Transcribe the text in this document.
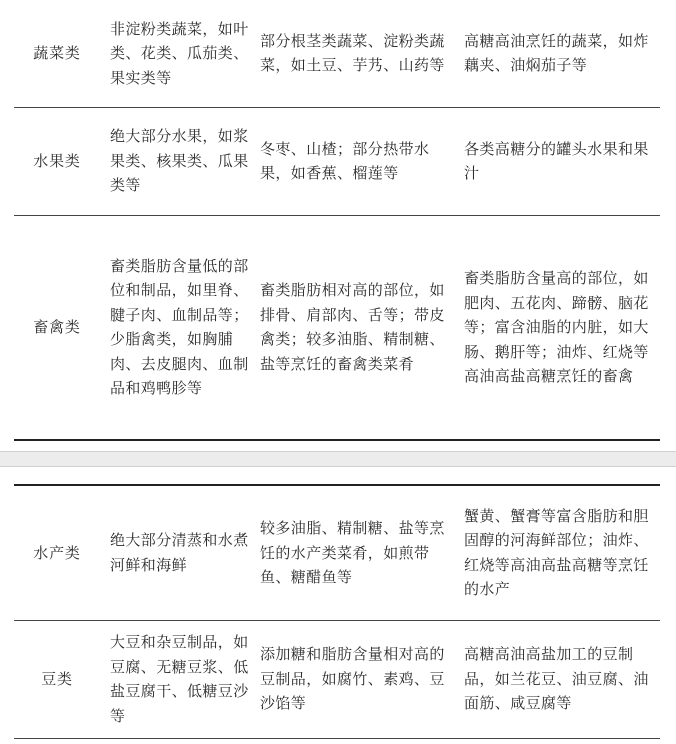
蔬菜类	非淀粉类蔬菜，如叶类、花类、瓜茄类、果实类等	部分根茎类蔬菜、淀粉类蔬菜，如土豆、芋艿、山药等	高糖高油烹饪的蔬菜，如炸藕夹、油焖茄子等
水果类	绝大部分水果，如浆果类、核果类、瓜果类等	冬枣、山楂；部分热带水果，如香蕉、榴莲等	各类高糖分的罐头水果和果汁
畜禽类	畜类脂肪含量低的部位和制品，如里脊、腱子肉、血制品等；少脂禽类，如胸脯肉、去皮腿肉、血制品和鸡鸭胗等	畜类脂肪相对高的部位，如排骨、肩部肉、舌等；带皮禽类；较多油脂、精制糖、盐等烹饪的畜禽类菜肴	畜类脂肪含量高的部位，如肥肉、五花肉、蹄髈、脑花等；富含油脂的内脏，如大肠、鹅肝等；油炸、红烧等高油高盐高糖烹饪的畜禽
水产类	绝大部分清蒸和水煮河鲜和海鲜	较多油脂、精制糖、盐等烹饪的水产类菜肴，如煎带鱼、糖醋鱼等	蟹黄、蟹膏等富含脂肪和胆固醇的河海鲜部位；油炸、红烧等高油高盐高糖等烹饪的水产
豆类	大豆和杂豆制品，如豆腐、无糖豆浆、低盐豆腐干、低糖豆沙等	添加糖和脂肪含量相对高的豆制品，如腐竹、素鸡、豆沙馅等	高糖高油高盐加工的豆制品，如兰花豆、油豆腐、油面筋、咸豆腐等
